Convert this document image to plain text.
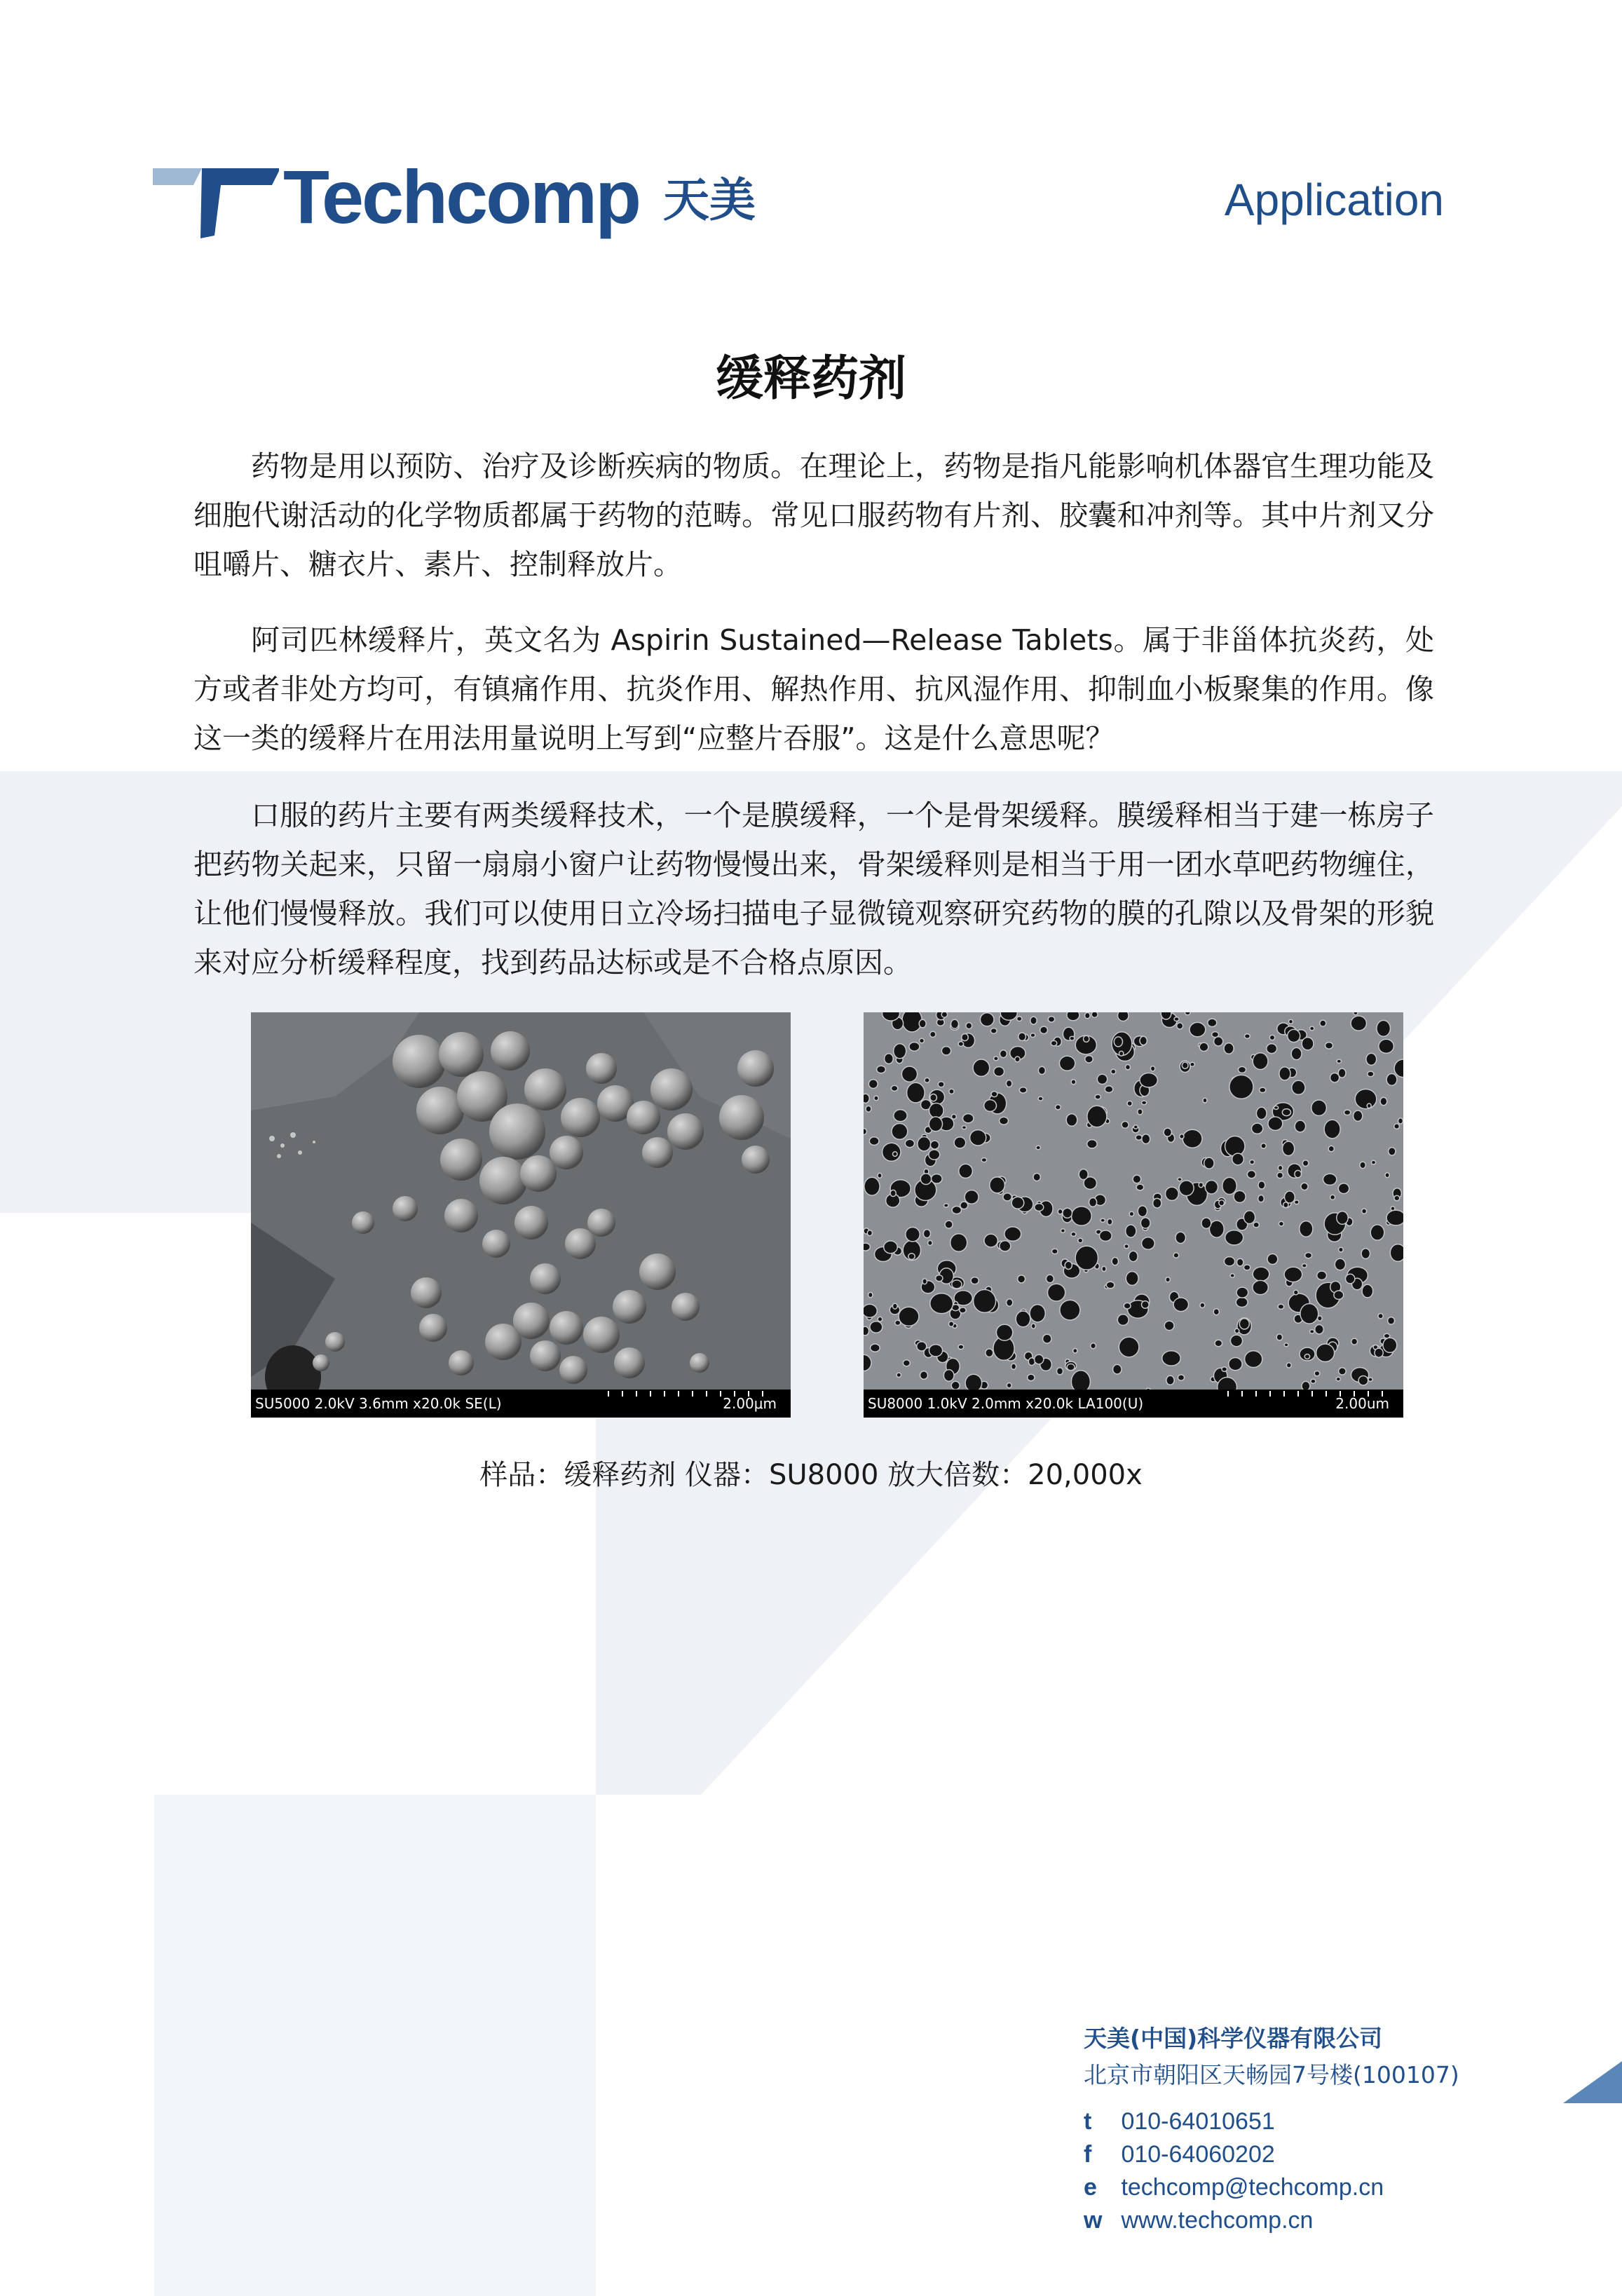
Techcomp 天美	Application
缓释药剂

药物是用以预防、治疗及诊断疾病的物质。在理论上，药物是指凡能影响机体器官生理功能及细胞代谢活动的化学物质都属于药物的范畴。常见口服药物有片剂、胶囊和冲剂等。其中片剂又分咀嚼片、糖衣片、素片、控制释放片。

阿司匹林缓释片，英文名为 Aspirin Sustained—Release Tablets。属于非甾体抗炎药，处方或者非处方均可，有镇痛作用、抗炎作用、解热作用、抗风湿作用、抑制血小板聚集的作用。像这一类的缓释片在用法用量说明上写到“应整片吞服”。这是什么意思呢？

口服的药片主要有两类缓释技术，一个是膜缓释，一个是骨架缓释。膜缓释相当于建一栋房子把药物关起来，只留一扇扇小窗户让药物慢慢出来，骨架缓释则是相当于用一团水草吧药物缠住，让他们慢慢释放。我们可以使用日立冷场扫描电子显微镜观察研究药物的膜的孔隙以及骨架的形貌来对应分析缓释程度，找到药品达标或是不合格点原因。

SU5000 2.0kV 3.6mm x20.0k SE(L)	2.00μm	SU8000 1.0kV 2.0mm x20.0k LA100(U)	2.00um
样品：缓释药剂 仪器：SU8000 放大倍数：20,000x
天美(中国)科学仪器有限公司
北京市朝阳区天畅园7号楼(100107)
t 010-64010651
f 010-64060202
e techcomp@techcomp.cn
w www.techcomp.cn
